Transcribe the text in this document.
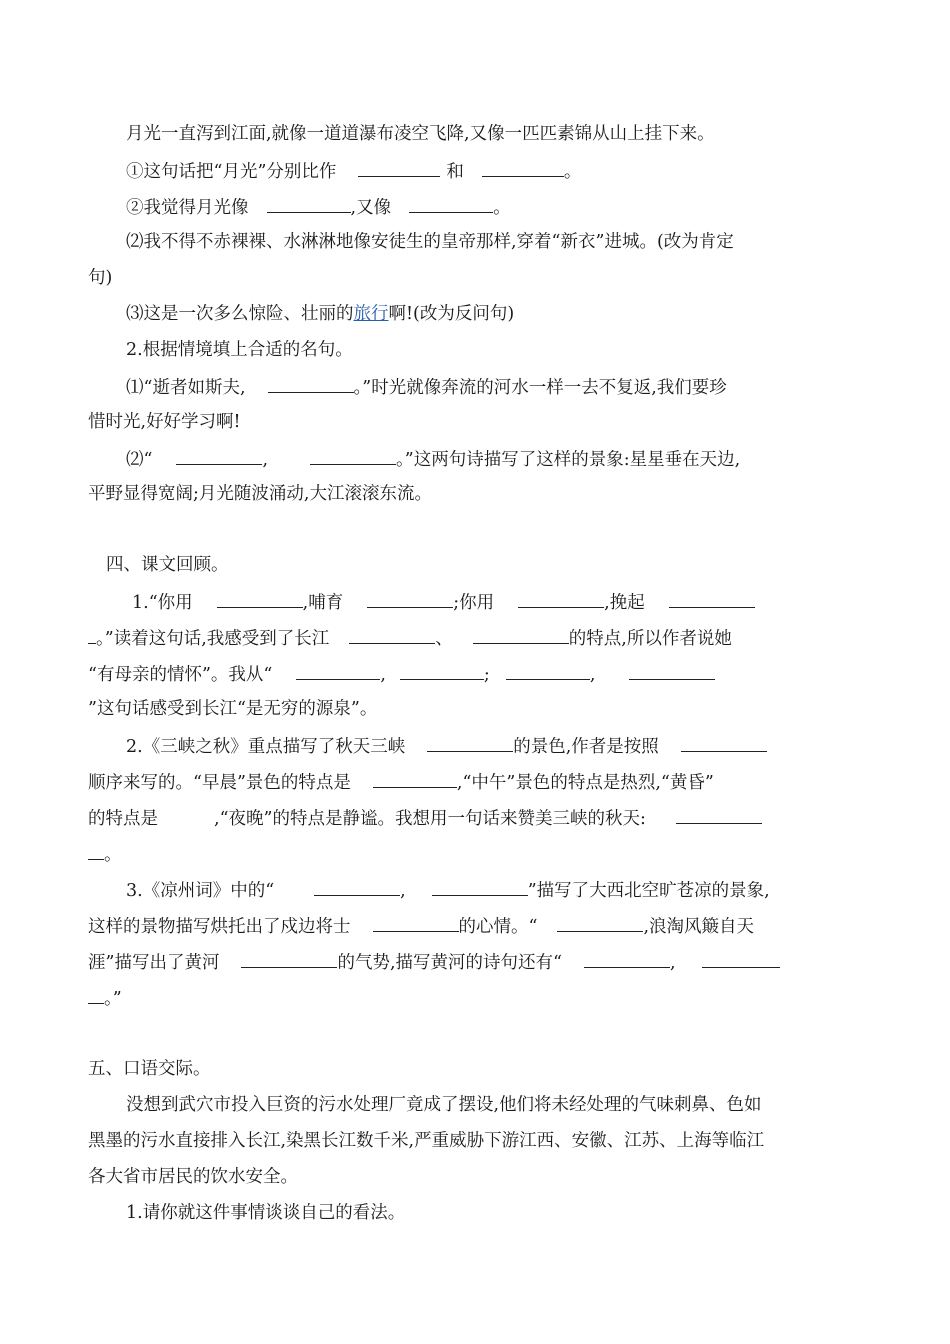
月光一直泻到江面,就像一道道瀑布凌空飞降,又像一匹匹素锦从山上挂下来。
①这句话把“月光”分别比作	和	。
②我觉得月光像	,又像	。
⑵我不得不赤裸裸、水淋淋地像安徒生的皇帝那样,穿着“新衣”进城。(改为肯定
句)
⑶这是一次多么惊险、壮丽的旅行啊!(改为反问句)
2.根据情境填上合适的名句。
⑴“逝者如斯夫,	。”时光就像奔流的河水一样一去不复返,我们要珍
惜时光,好好学习啊!
⑵“	,	。”这两句诗描写了这样的景象:星星垂在天边,
平野显得宽阔;月光随波涌动,大江滚滚东流。
四、课文回顾。
1.“你用	,哺育	;你用	,挽起
。”读着这句话,我感受到了长江	、	的特点,所以作者说她
“有母亲的情怀”。我从“	,	;	,
”这句话感受到长江“是无穷的源泉”。
2.《三峡之秋》重点描写了秋天三峡	的景色,作者是按照
顺序来写的。“早晨”景色的特点是	,“中午”景色的特点是热烈,“黄昏”
的特点是	,“夜晚”的特点是静谧。我想用一句话来赞美三峡的秋天:
。
3.《凉州词》中的“	,	”描写了大西北空旷苍凉的景象,
这样的景物描写烘托出了戍边将士	的心情。“	,浪淘风簸自天
涯”描写出了黄河	的气势,描写黄河的诗句还有“	,
。”
五、口语交际。
没想到武穴市投入巨资的污水处理厂竟成了摆设,他们将未经处理的气味刺鼻、色如
黑墨的污水直接排入长江,染黑长江数千米,严重威胁下游江西、安徽、江苏、上海等临江
各大省市居民的饮水安全。
1.请你就这件事情谈谈自己的看法。
